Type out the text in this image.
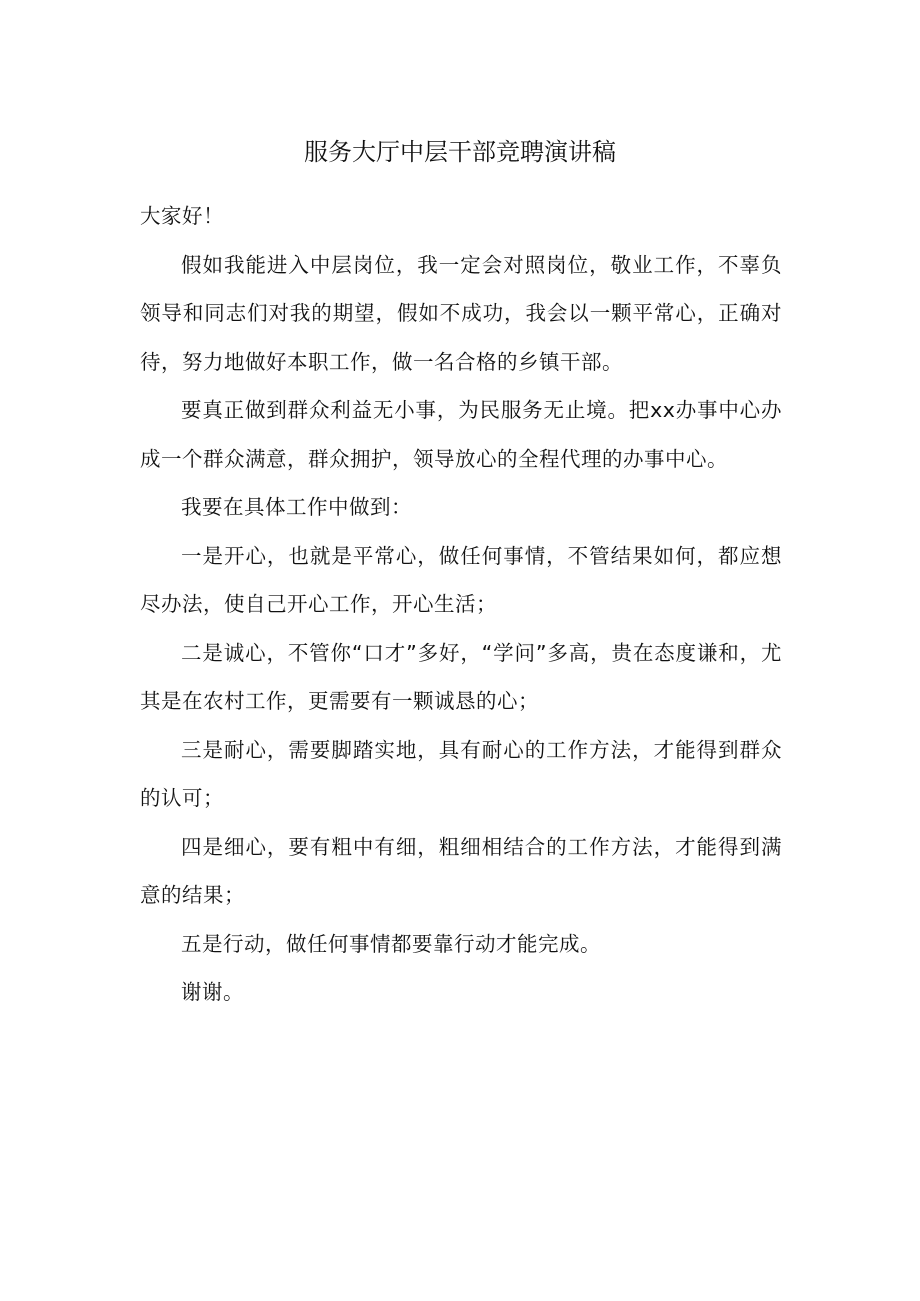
服务大厅中层干部竞聘演讲稿

大家好！

假如我能进入中层岗位，我一定会对照岗位，敬业工作，不辜负领导和同志们对我的期望，假如不成功，我会以一颗平常心，正确对待，努力地做好本职工作，做一名合格的乡镇干部。

要真正做到群众利益无小事，为民服务无止境。把xx办事中心办成一个群众满意，群众拥护，领导放心的全程代理的办事中心。

我要在具体工作中做到：

一是开心，也就是平常心，做任何事情，不管结果如何，都应想尽办法，使自己开心工作，开心生活；

二是诚心，不管你“口才”多好，“学问”多高，贵在态度谦和，尤其是在农村工作，更需要有一颗诚恳的心；

三是耐心，需要脚踏实地，具有耐心的工作方法，才能得到群众的认可；

四是细心，要有粗中有细，粗细相结合的工作方法，才能得到满意的结果；

五是行动，做任何事情都要靠行动才能完成。

谢谢。
